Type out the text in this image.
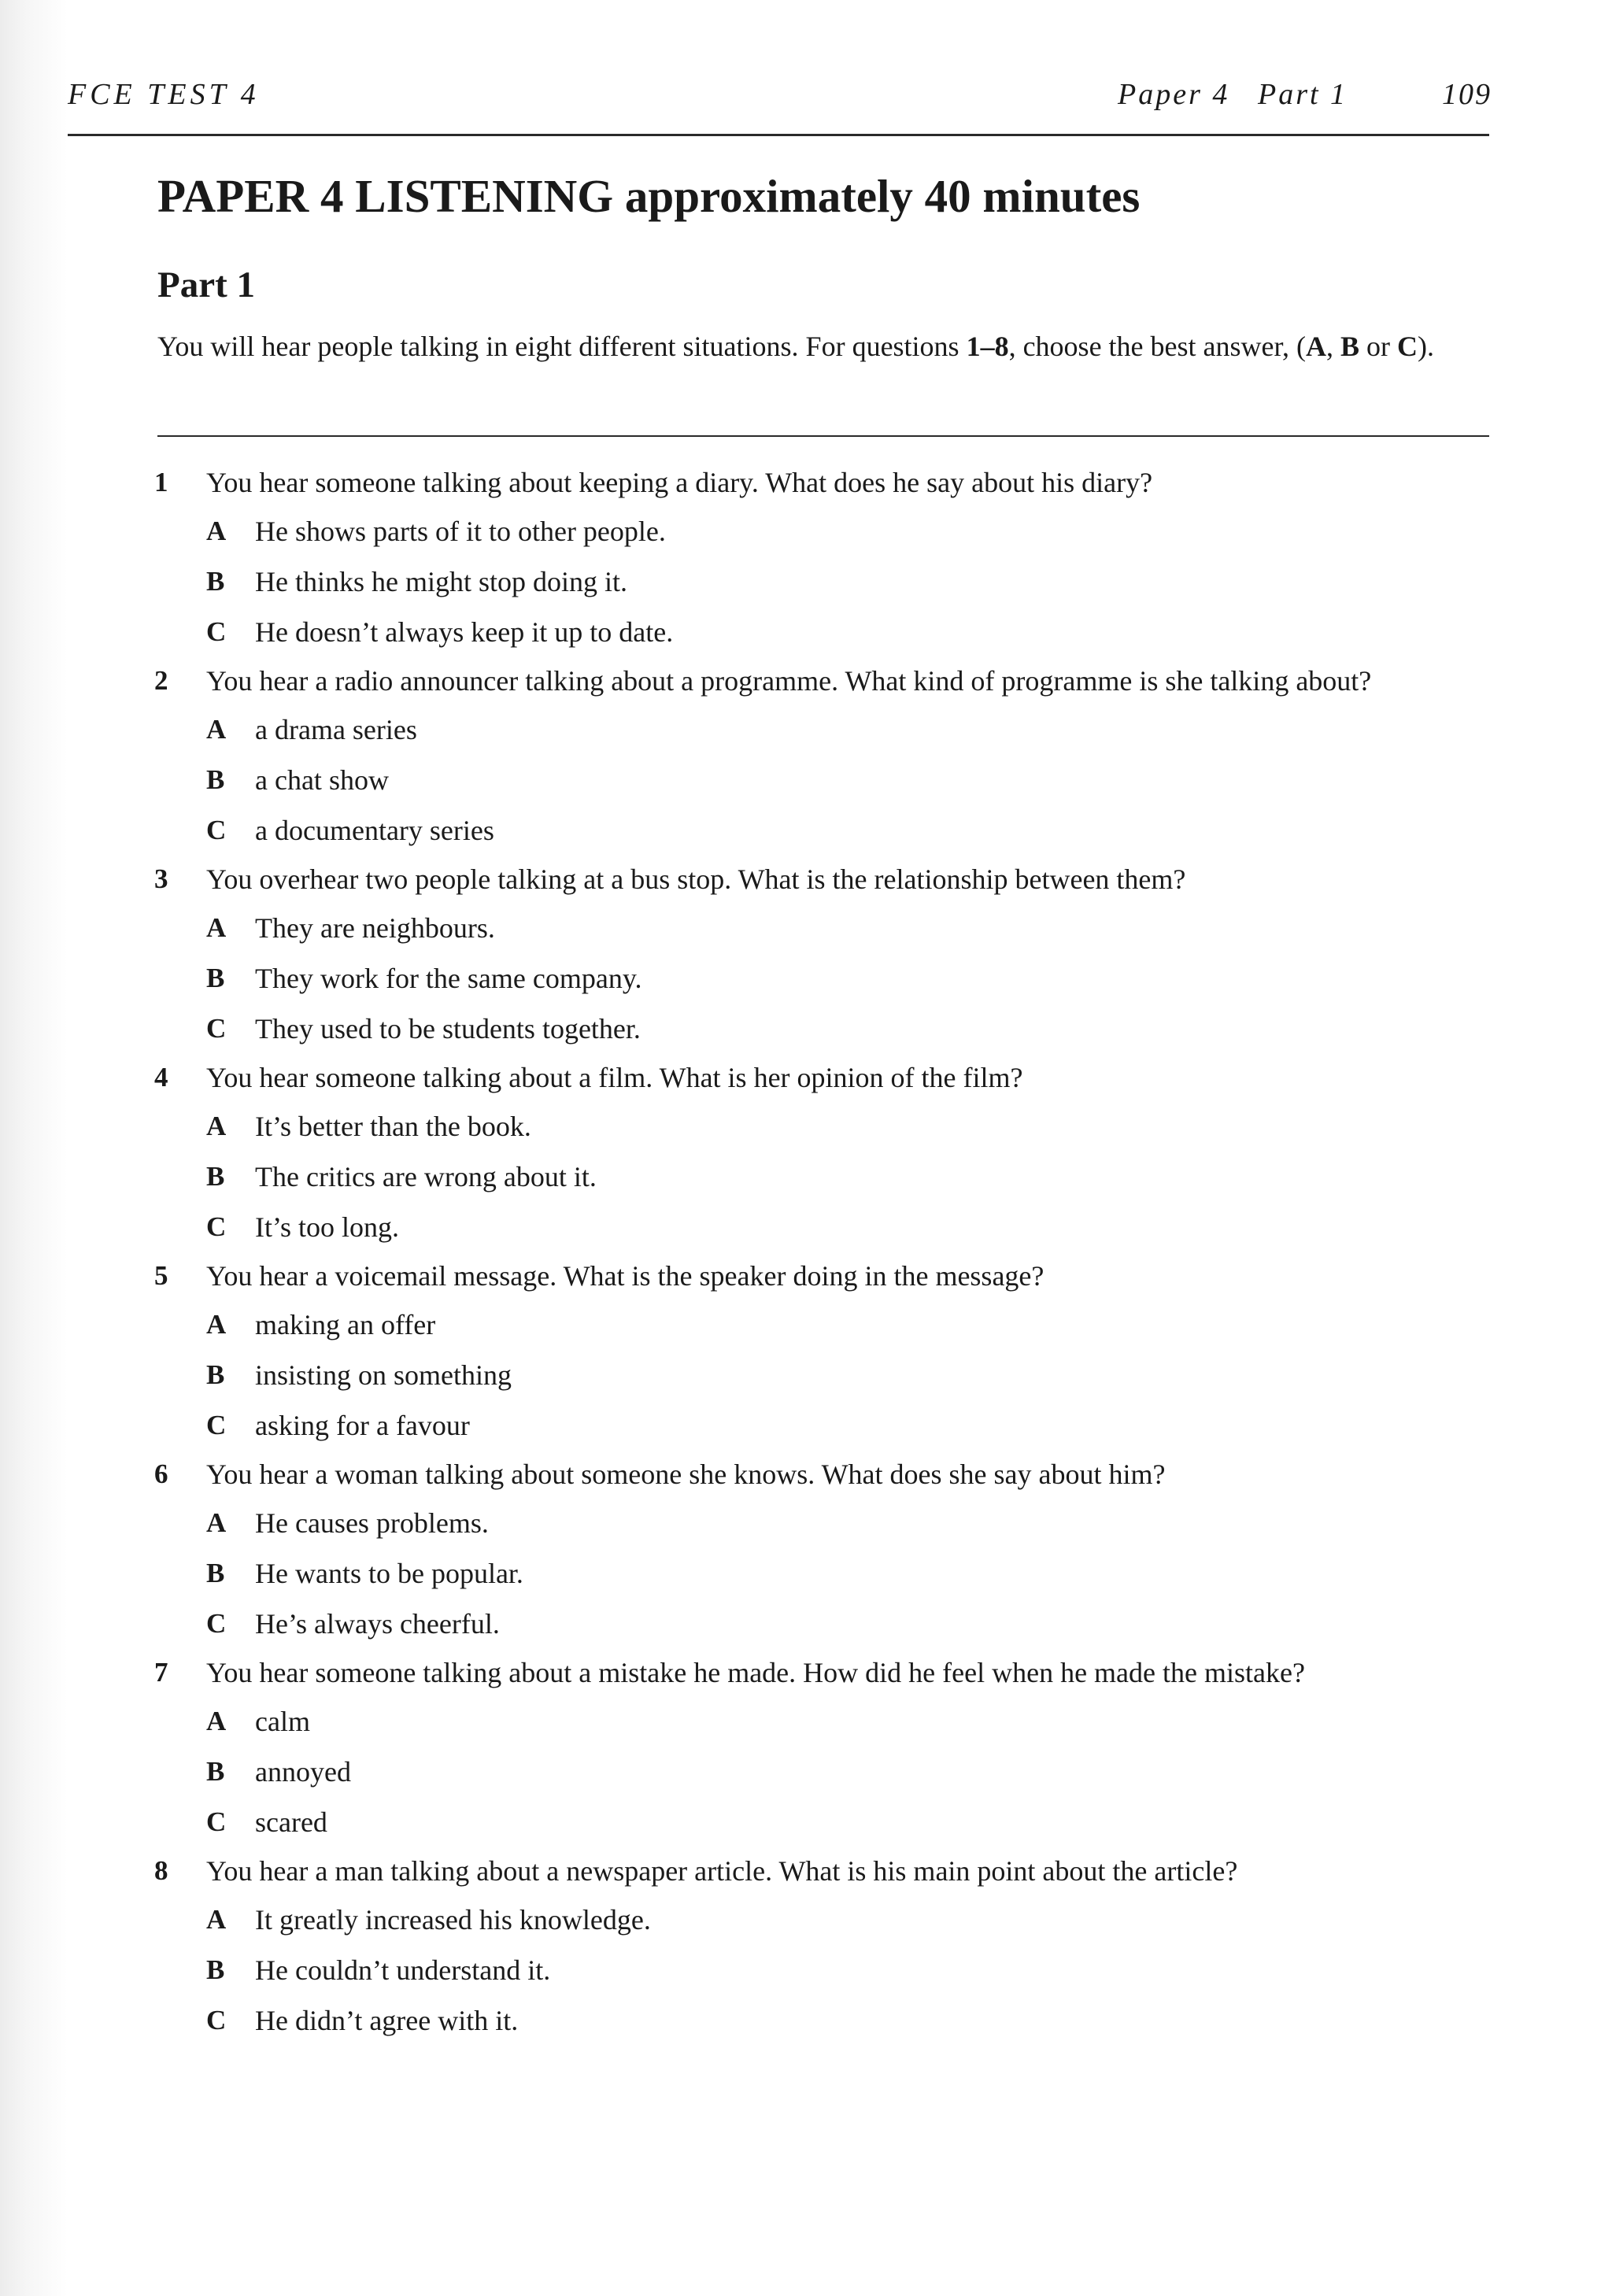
FCE TEST 4	Paper 4 Part 1	109
PAPER 4 LISTENING approximately 40 minutes
Part 1
You will hear people talking in eight different situations. For questions 1–8, choose the best answer, (A, B or C).
1 You hear someone talking about keeping a diary. What does he say about his diary?
A He shows parts of it to other people.
B He thinks he might stop doing it.
C He doesn’t always keep it up to date.
2 You hear a radio announcer talking about a programme. What kind of programme is she talking about?
A a drama series
B a chat show
C a documentary series
3 You overhear two people talking at a bus stop. What is the relationship between them?
A They are neighbours.
B They work for the same company.
C They used to be students together.
4 You hear someone talking about a film. What is her opinion of the film?
A It’s better than the book.
B The critics are wrong about it.
C It’s too long.
5 You hear a voicemail message. What is the speaker doing in the message?
A making an offer
B insisting on something
C asking for a favour
6 You hear a woman talking about someone she knows. What does she say about him?
A He causes problems.
B He wants to be popular.
C He’s always cheerful.
7 You hear someone talking about a mistake he made. How did he feel when he made the mistake?
A calm
B annoyed
C scared
8 You hear a man talking about a newspaper article. What is his main point about the article?
A It greatly increased his knowledge.
B He couldn’t understand it.
C He didn’t agree with it.
